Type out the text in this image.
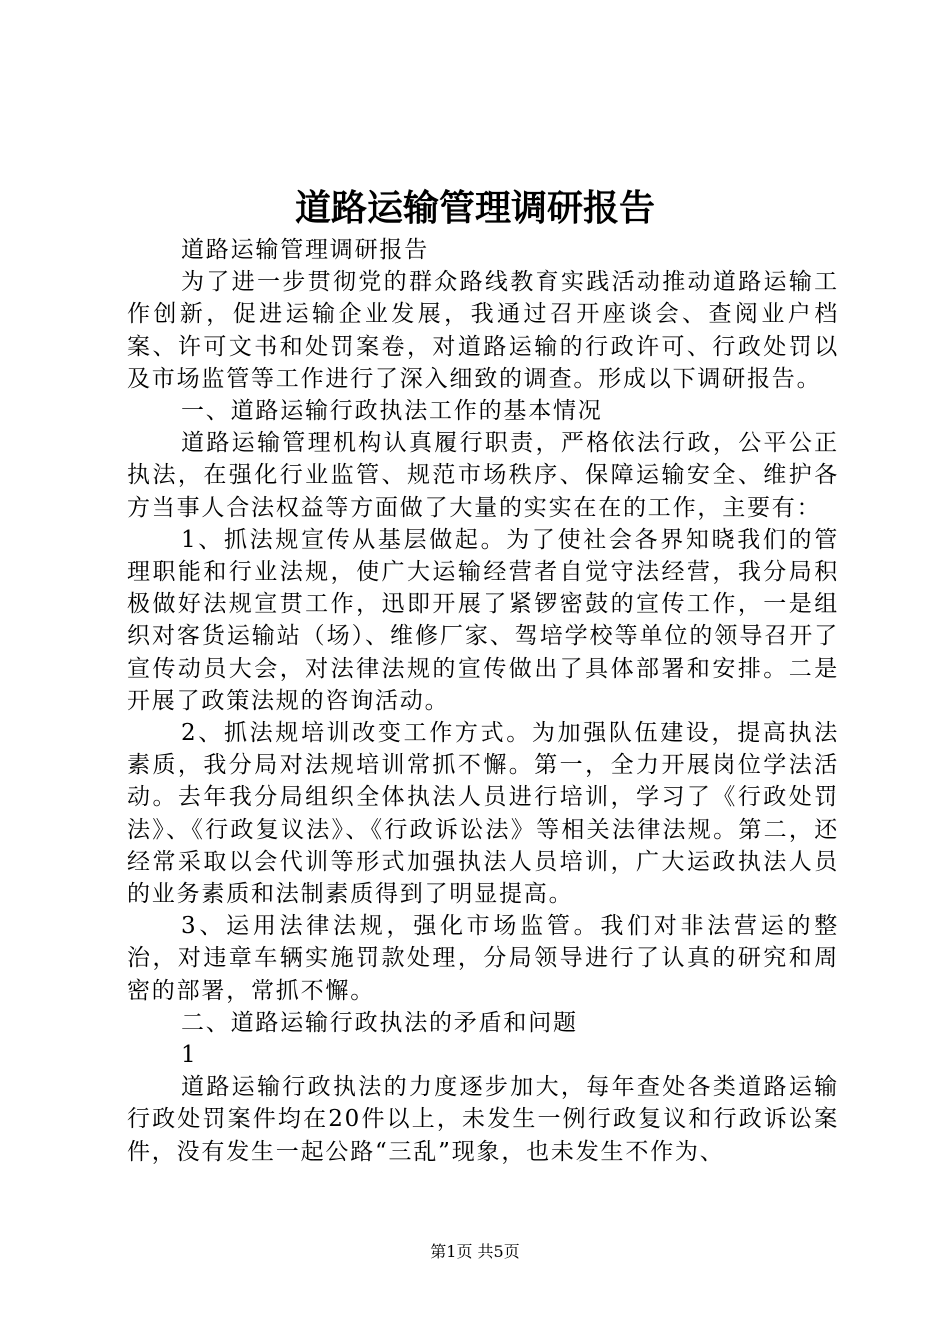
道路运输管理调研报告

道路运输管理调研报告

为了进一步贯彻党的群众路线教育实践活动推动道路运输工作创新，促进运输企业发展，我通过召开座谈会、查阅业户档案、许可文书和处罚案卷，对道路运输的行政许可、行政处罚以及市场监管等工作进行了深入细致的调查。形成以下调研报告。

一、道路运输行政执法工作的基本情况

道路运输管理机构认真履行职责，严格依法行政，公平公正执法，在强化行业监管、规范市场秩序、保障运输安全、维护各方当事人合法权益等方面做了大量的实实在在的工作，主要有：

1、抓法规宣传从基层做起。为了使社会各界知晓我们的管理职能和行业法规，使广大运输经营者自觉守法经营，我分局积极做好法规宣贯工作，迅即开展了紧锣密鼓的宣传工作，一是组织对客货运输站（场）、维修厂家、驾培学校等单位的领导召开了宣传动员大会，对法律法规的宣传做出了具体部署和安排。二是开展了政策法规的咨询活动。

2、抓法规培训改变工作方式。为加强队伍建设，提高执法素质，我分局对法规培训常抓不懈。第一，全力开展岗位学法活动。去年我分局组织全体执法人员进行培训，学习了《行政处罚法》、《行政复议法》、《行政诉讼法》等相关法律法规。第二，还经常采取以会代训等形式加强执法人员培训，广大运政执法人员的业务素质和法制素质得到了明显提高。

3、运用法律法规，强化市场监管。我们对非法营运的整治，对违章车辆实施罚款处理，分局领导进行了认真的研究和周密的部署，常抓不懈。

二、道路运输行政执法的矛盾和问题

1

道路运输行政执法的力度逐步加大，每年查处各类道路运输行政处罚案件均在20件以上，未发生一例行政复议和行政诉讼案件，没有发生一起公路“三乱”现象，也未发生不作为、

第1页 共5页
